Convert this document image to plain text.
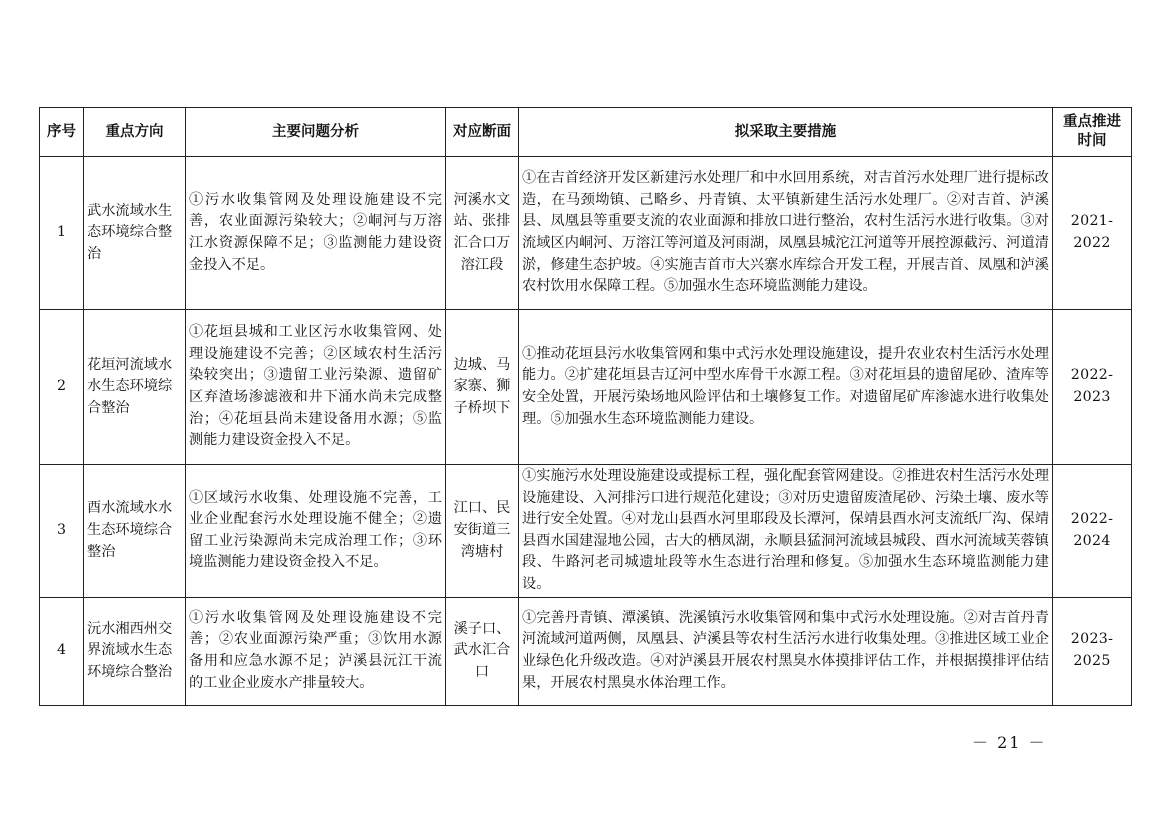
序号	重点方向	主要问题分析	对应断面	拟采取主要措施	重点推进时间
1	武水流域水生态环境综合整治	①污水收集管网及处理设施建设不完善，农业面源污染较大；②峒河与万溶江水资源保障不足；③监测能力建设资金投入不足。	河溪水文站、张排汇合口万溶江段	①在吉首经济开发区新建污水处理厂和中水回用系统，对吉首污水处理厂进行提标改造，在马颈坳镇、己略乡、丹青镇、太平镇新建生活污水处理厂。②对吉首、泸溪县、凤凰县等重要支流的农业面源和排放口进行整治，农村生活污水进行收集。③对流域区内峒河、万溶江等河道及河雨湖，凤凰县城沱江河道等开展控源截污、河道清淤，修建生态护坡。④实施吉首市大兴寨水库综合开发工程，开展吉首、凤凰和泸溪农村饮用水保障工程。⑤加强水生态环境监测能力建设。	2021-2022
2	花垣河流域水水生态环境综合整治	①花垣县城和工业区污水收集管网、处理设施建设不完善；②区域农村生活污染较突出；③遗留工业污染源、遗留矿区弃渣场渗滤液和井下涌水尚未完成整治；④花垣县尚未建设备用水源；⑤监测能力建设资金投入不足。	边城、马家寨、狮子桥坝下	①推动花垣县污水收集管网和集中式污水处理设施建设，提升农业农村生活污水处理能力。②扩建花垣县吉辽河中型水库骨干水源工程。③对花垣县的遗留尾砂、渣库等安全处置，开展污染场地风险评估和土壤修复工作。对遗留尾矿库渗滤水进行收集处理。⑤加强水生态环境监测能力建设。	2022-2023
3	酉水流域水水生态环境综合整治	①区域污水收集、处理设施不完善，工业企业配套污水处理设施不健全；②遗留工业污染源尚未完成治理工作；③环境监测能力建设资金投入不足。	江口、民安街道三湾塘村	①实施污水处理设施建设或提标工程，强化配套管网建设。②推进农村生活污水处理设施建设、入河排污口进行规范化建设；③对历史遗留废渣尾砂、污染土壤、废水等进行安全处置。④对龙山县酉水河里耶段及长潭河，保靖县酉水河支流纸厂沟、保靖县酉水国建湿地公园，古大的栖凤湖，永顺县猛洞河流域县城段、酉水河流域芙蓉镇段、牛路河老司城遗址段等水生态进行治理和修复。⑤加强水生态环境监测能力建设。	2022-2024
4	沅水湘西州交界流域水生态环境综合整治	①污水收集管网及处理设施建设不完善；②农业面源污染严重；③饮用水源备用和应急水源不足；泸溪县沅江干流的工业企业废水产排量较大。	溪子口、武水汇合口	①完善丹青镇、潭溪镇、洗溪镇污水收集管网和集中式污水处理设施。②对吉首丹青河流域河道两侧，凤凰县、泸溪县等农村生活污水进行收集处理。③推进区域工业企业绿色化升级改造。④对泸溪县开展农村黑臭水体摸排评估工作，并根据摸排评估结果，开展农村黑臭水体治理工作。	2023-2025
－ 21 －
